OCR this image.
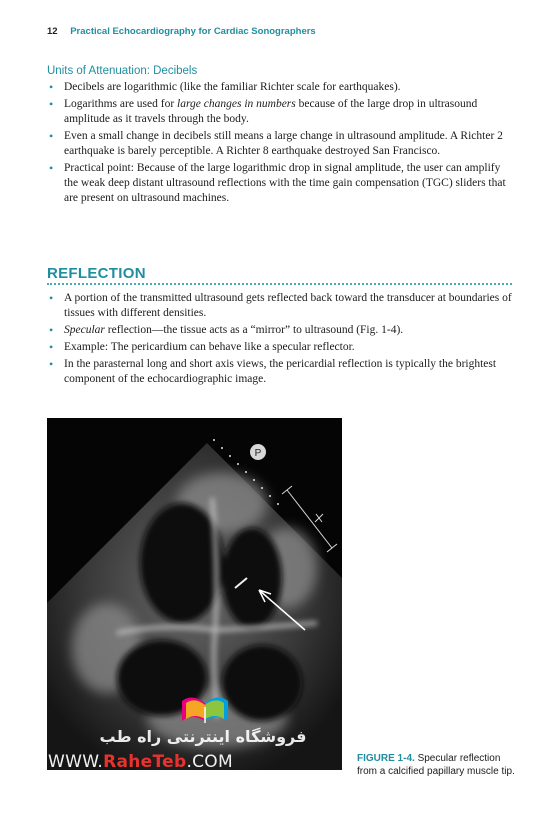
12 Practical Echocardiography for Cardiac Sonographers
Units of Attenuation: Decibels
• Decibels are logarithmic (like the familiar Richter scale for earthquakes).
• Logarithms are used for large changes in numbers because of the large drop in ultrasound amplitude as it travels through the body.
• Even a small change in decibels still means a large change in ultrasound amplitude. A Richter 2 earthquake is barely perceptible. A Richter 8 earthquake destroyed San Francisco.
• Practical point: Because of the large logarithmic drop in signal amplitude, the user can amplify the weak deep distant ultrasound reflections with the time gain compensation (TGC) sliders that are present on ultrasound machines.
REFLECTION
• A portion of the transmitted ultrasound gets reflected back toward the transducer at boundaries of tissues with different densities.
• Specular reflection—the tissue acts as a “mirror” to ultrasound (Fig. 1-4).
• Example: The pericardium can behave like a specular reflector.
• In the parasternal long and short axis views, the pericardial reflection is typically the brightest component of the echocardiographic image.
P
فروشگاه اینترنتی راه طب
WWW.RaheTeb.COM	FIGURE 1-4. Specular reflection from a calcified papillary muscle tip.
